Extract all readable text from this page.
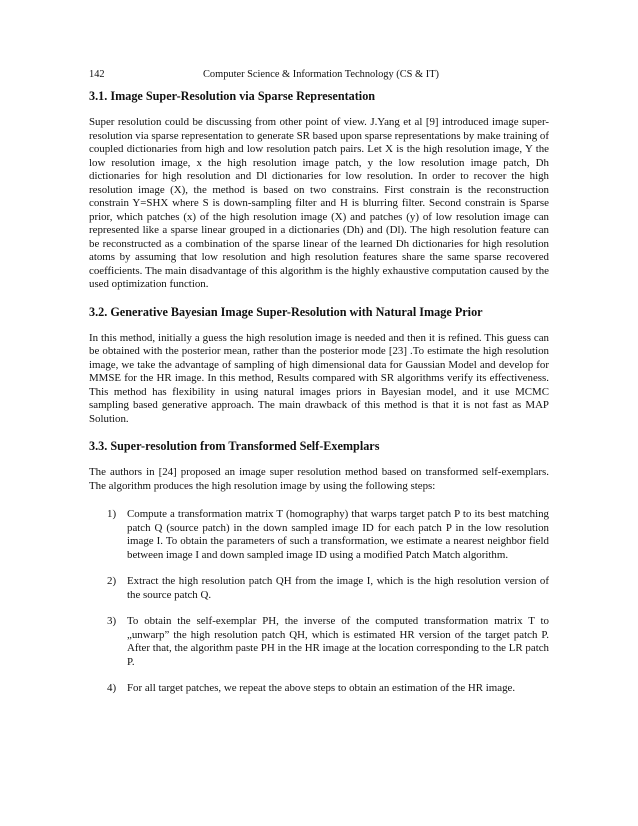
142	Computer Science & Information Technology (CS & IT)
3.1. Image Super-Resolution via Sparse Representation

Super resolution could be discussing from other point of view. J.Yang et al [9] introduced image super-resolution via sparse representation to generate SR based upon sparse representations by make training of coupled dictionaries from high and low resolution patch pairs. Let X is the high resolution image, Y the low resolution image, x the high resolution image patch, y the low resolution image patch, Dh dictionaries for high resolution and Dl dictionaries for low resolution. In order to recover the high resolution image (X), the method is based on two constrains. First constrain is the reconstruction constrain Y=SHX where S is down-sampling filter and H is blurring filter. Second constrain is Sparse prior, which patches (x) of the high resolution image (X) and patches (y) of low resolution image can represented like a sparse linear grouped in a dictionaries (Dh) and (Dl). The high resolution feature can be reconstructed as a combination of the sparse linear of the learned Dh dictionaries for high resolution atoms by assuming that low resolution and high resolution features share the same sparse recovered coefficients. The main disadvantage of this algorithm is the highly exhaustive computation caused by the used optimization function.

3.2. Generative Bayesian Image Super-Resolution with Natural Image Prior

In this method, initially a guess the high resolution image is needed and then it is refined. This guess can be obtained with the posterior mean, rather than the posterior mode [23] .To estimate the high resolution image, we take the advantage of sampling of high dimensional data for Gaussian Model and develop for MMSE for the HR image. In this method, Results compared with SR algorithms verify its effectiveness. This method has flexibility in using natural images priors in Bayesian model, and it use MCMC sampling based generative approach. The main drawback of this method is that it is not fast as MAP Solution.

3.3. Super-resolution from Transformed Self-Exemplars

The authors in [24] proposed an image super resolution method based on transformed self-exemplars. The algorithm produces the high resolution image by using the following steps:

1) Compute a transformation matrix T (homography) that warps target patch P to its best matching patch Q (source patch) in the down sampled image ID for each patch P in the low resolution image I. To obtain the parameters of such a transformation, we estimate a nearest neighbor field between image I and down sampled image ID using a modified Patch Match algorithm.
2) Extract the high resolution patch QH from the image I, which is the high resolution version of the source patch Q.
3) To obtain the self-exemplar PH, the inverse of the computed transformation matrix T to „unwarp” the high resolution patch QH, which is estimated HR version of the target patch P. After that, the algorithm paste PH in the HR image at the location corresponding to the LR patch P.
4) For all target patches, we repeat the above steps to obtain an estimation of the HR image.
